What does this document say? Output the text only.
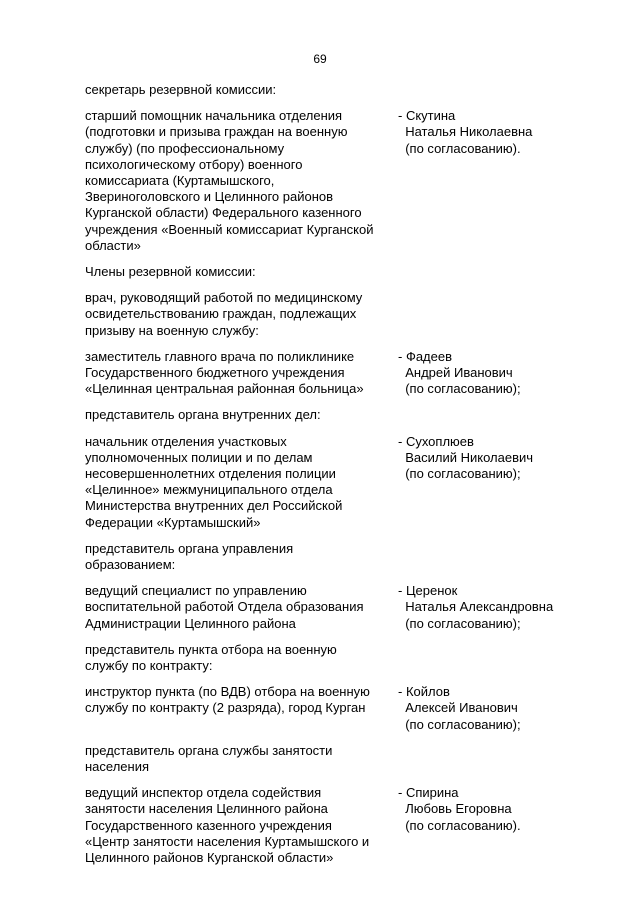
69
секретарь резервной комиссии:
старший помощник начальника отделения
(подготовки и призыва граждан на военную
службу) (по профессиональному
психологическому отбору) военного
комиссариата (Куртамышского,
Звериноголовского и Целинного районов
Курганской области) Федерального казенного
учреждения «Военный комиссариат Курганской
области»
- Скутина
Наталья Николаевна
(по согласованию).
Члены резервной комиссии:
врач, руководящий работой по медицинскому
освидетельствованию граждан, подлежащих
призыву на военную службу:
заместитель главного врача по поликлинике
Государственного бюджетного учреждения
«Целинная центральная районная больница»
- Фадеев
Андрей Иванович
(по согласованию);
представитель органа внутренних дел:
начальник отделения участковых
уполномоченных полиции и по делам
несовершеннолетних отделения полиции
«Целинное» межмуниципального отдела
Министерства внутренних дел Российской
Федерации «Куртамышский»
- Сухоплюев
Василий Николаевич
(по согласованию);
представитель органа управления
образованием:
ведущий специалист по управлению
воспитательной работой Отдела образования
Администрации Целинного района
- Церенок
Наталья Александровна
(по согласованию);
представитель пункта отбора на военную
службу по контракту:
инструктор пункта (по ВДВ) отбора на военную
службу по контракту (2 разряда), город Курган
- Койлов
Алексей Иванович
(по согласованию);
представитель органа службы занятости
населения
ведущий инспектор отдела содействия
занятости населения Целинного района
Государственного казенного учреждения
«Центр занятости населения Куртамышского и
Целинного районов Курганской области»
- Спирина
Любовь Егоровна
(по согласованию).
